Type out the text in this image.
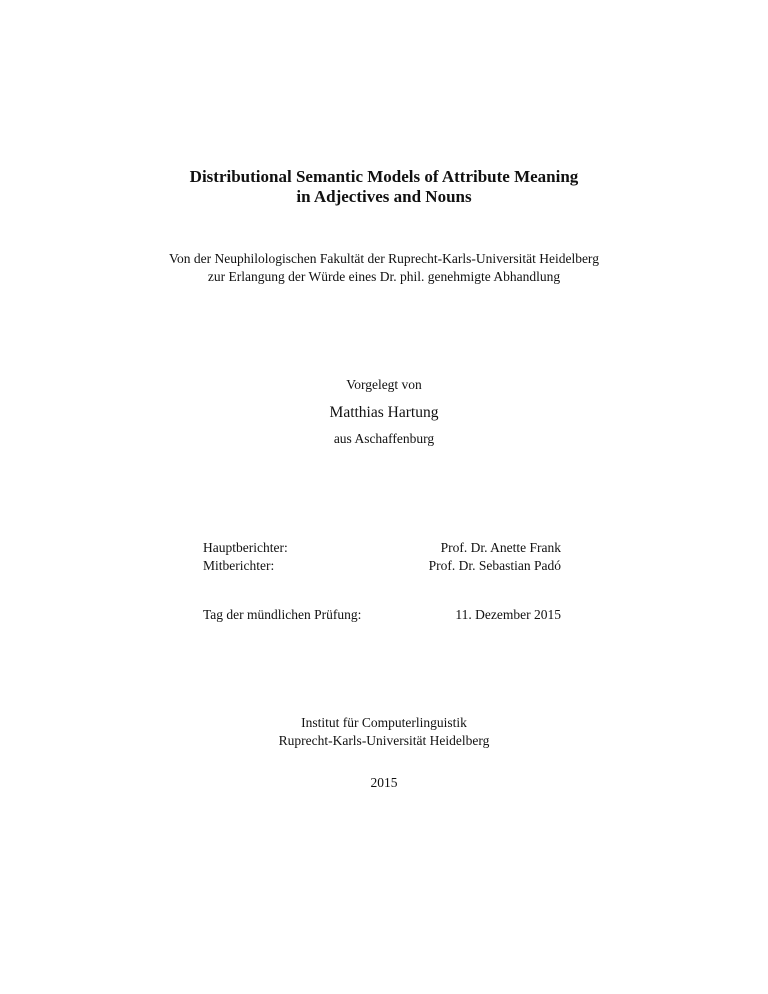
Distributional Semantic Models of Attribute Meaning
in Adjectives and Nouns
Von der Neuphilologischen Fakultät der Ruprecht-Karls-Universität Heidelberg
zur Erlangung der Würde eines Dr. phil. genehmigte Abhandlung
Vorgelegt von
Matthias Hartung
aus Aschaffenburg
Hauptberichter:	Prof. Dr. Anette Frank
Mitberichter:	Prof. Dr. Sebastian Padó
Tag der mündlichen Prüfung:	11. Dezember 2015
Institut für Computerlinguistik
Ruprecht-Karls-Universität Heidelberg
2015
